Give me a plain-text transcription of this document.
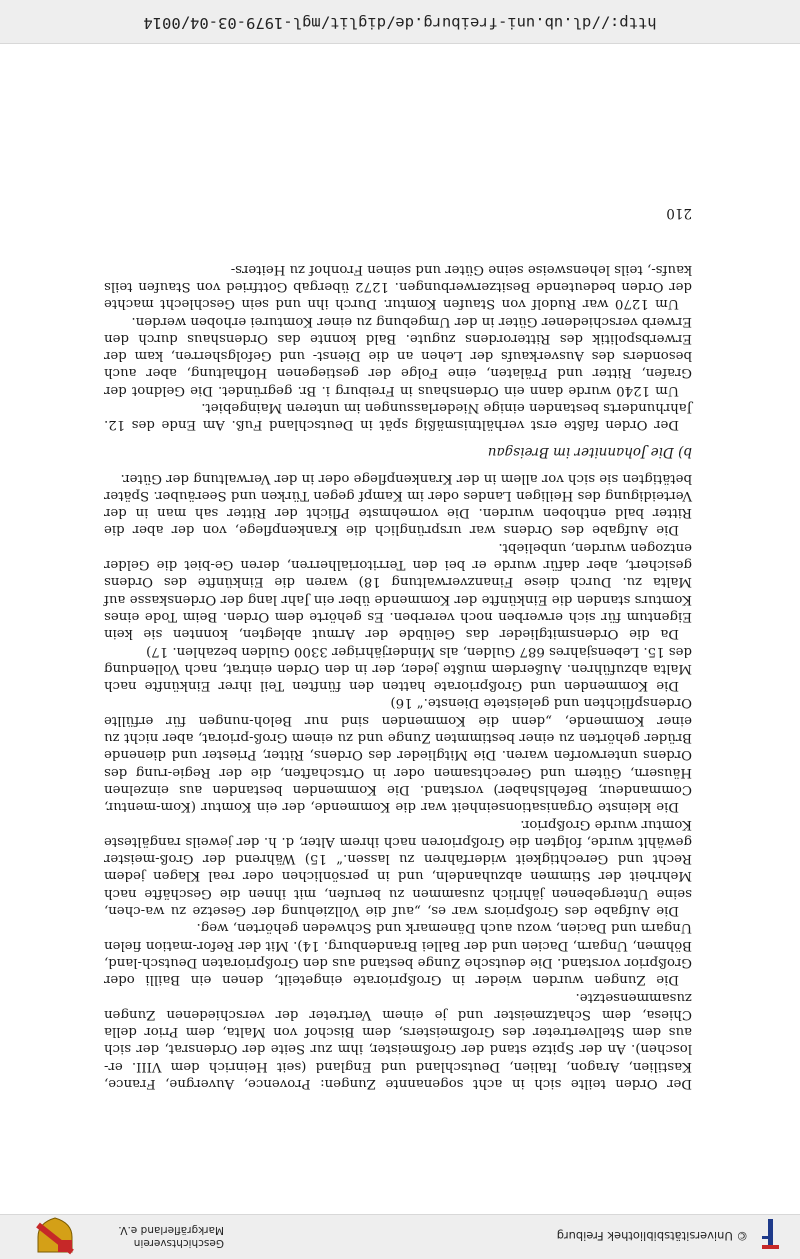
© Universitätsbibliothek Freiburg
Geschichtsverein
Markgräflerland e.V.

Der Orden teilte sich in acht sogenannte Zungen: Provence, Auvergne, France, Kastilien, Aragon, Italien, Deutschland und England (seit Heinrich dem VIII. er-loschen). An der Spitze stand der Großmeister, ihm zur Seite der Ordensrat, der sich aus dem Stellvertreter des Großmeisters, dem Bischof von Malta, dem Prior della Chiesa, dem Schatzmeister und je einem Vertreter der verschiedenen Zungen zusammensetzte.

Die Zungen wurden wieder in Großpriorate eingeteilt, denen ein Bailli oder Großprior vorstand. Die deutsche Zunge bestand aus den Großprioraten Deutsch-land, Böhmen, Ungarn, Dacien und der Ballei Brandenburg. 14). Mit der Refor-mation fielen Ungarn und Dacien, wozu auch Dänemark und Schweden gehörten, weg.

Die Aufgabe des Großpriors war es, „auf die Vollziehung der Gesetze zu wa-chen, seine Untergebenen jährlich zusammen zu berufen, mit ihnen die Geschäfte nach Mehrheit der Stimmen abzuhandeln, und in persönlichen oder real Klagen jedem Recht und Gerechtigkeit widerfahren zu lassen.“ 15) Während der Groß-meister gewählt wurde, folgten die Großprioren nach ihrem Alter, d. h. der jeweils rangälteste Komtur wurde Großprior.

Die kleinste Organisationseinheit war die Kommende, der ein Komtur (Kom-mentur, Commandeur, Befehlshaber) vorstand. Die Kommenden bestanden aus einzelnen Häusern, Gütern und Gerechtsamen oder in Ortschaften, die der Regie-rung des Ordens unterworfen waren. Die Mitglieder des Ordens, Ritter, Priester und dienende Brüder gehörten zu einer bestimmten Zunge und zu einem Groß-priorat, aber nicht zu einer Kommende, „denn die Kommenden sind nur Beloh-nungen für erfüllte Ordenspflichten und geleistete Dienste.“ 16)

Die Kommenden und Großpriorate hatten den fünften Teil ihrer Einkünfte nach Malta abzuführen. Außerdem mußte jeder, der in den Orden eintrat, nach Vollendung des 15. Lebensjahres 687 Gulden, als Minderjähriger 3300 Gulden bezahlen. 17)

Da die Ordensmitglieder das Gelübde der Armut ablegten, konnten sie kein Eigentum für sich erwerben noch vererben. Es gehörte dem Orden. Beim Tode eines Komturs standen die Einkünfte der Kommende über ein Jahr lang der Ordenskasse auf Malta zu. Durch diese Finanzverwaltung 18) waren die Einkünfte des Ordens gesichert, aber dafür wurde er bei den Territorialherren, deren Ge-biet die Gelder entzogen wurden, unbeliebt.

Die Aufgabe des Ordens war ursprünglich die Krankenpflege, von der aber die Ritter bald enthoben wurden. Die vornehmste Pflicht der Ritter sah man in der Verteidigung des Heiligen Landes oder im Kampf gegen Türken und Seeräuber. Später betätigten sie sich vor allem in der Krankenpflege oder in der Verwaltung der Güter.

b) Die Johanniter im Breisgau

Der Orden faßte erst verhältnismäßig spät in Deutschland Fuß. Am Ende des 12. Jahrhunderts bestanden einige Niederlassungen im unteren Maingebiet.

Um 1240 wurde dann ein Ordenshaus in Freiburg i. Br. gegründet. Die Geldnot der Grafen, Ritter und Prälaten, eine Folge der gestiegenen Hofhaltung, aber auch besonders des Ausverkaufs der Lehen an die Dienst- und Gefolgsherren, kam der Erwerbspolitik des Ritterordens zugute. Bald konnte das Ordenshaus durch den Erwerb verschiedener Güter in der Umgebung zu einer Komturei erhoben werden.

Um 1270 war Rudolf von Staufen Komtur. Durch ihn und sein Geschlecht machte der Orden bedeutende Besitzerwerbungen. 1272 übergab Gottfried von Staufen teils kaufs-, teils lehensweise seine Güter und seinen Fronhof zu Heiters-

210
http://dl.ub.uni-freiburg.de/diglit/mgl-1979-03-04/0014
